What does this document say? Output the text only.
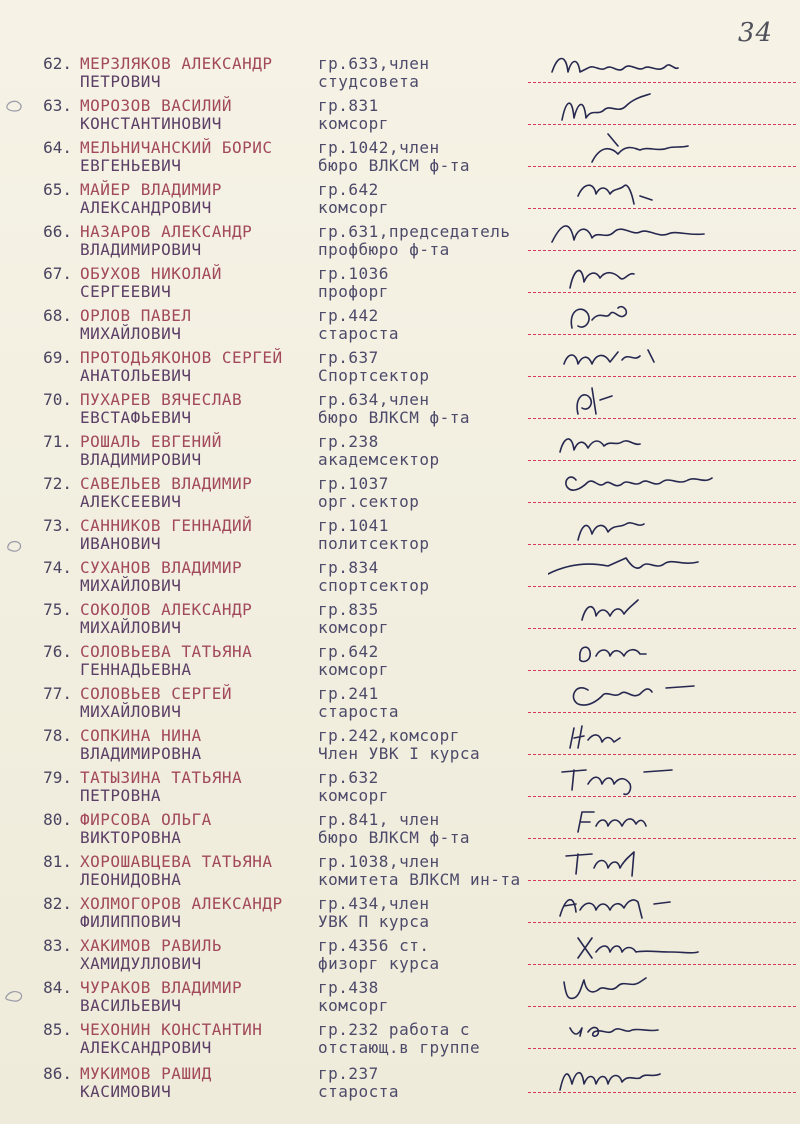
34
62. МЕРЗЛЯКОВ АЛЕКСАНДР
ПЕТРОВИЧ
гр.633,член
студсовета
63. МОРОЗОВ ВАСИЛИЙ
КОНСТАНТИНОВИЧ
гр.831
комсорг
64. МЕЛЬНИЧАНСКИЙ БОРИС
ЕВГЕНЬЕВИЧ
гр.1042,член
бюро ВЛКСМ ф-та
65. МАЙЕР ВЛАДИМИР
АЛЕКСАНДРОВИЧ
гр.642
комсорг
66. НАЗАРОВ АЛЕКСАНДР
ВЛАДИМИРОВИЧ
гр.631,председатель
профбюро ф-та
67. ОБУХОВ НИКОЛАЙ
СЕРГЕЕВИЧ
гр.1036
профорг
68. ОРЛОВ ПАВЕЛ
МИХАЙЛОВИЧ
гр.442
староста
69. ПРОТОДЬЯКОНОВ СЕРГЕЙ
АНАТОЛЬЕВИЧ
гр.637
Спортсектор
70. ПУХАРЕВ ВЯЧЕСЛАВ
ЕВСТАФЬЕВИЧ
гр.634,член
бюро ВЛКСМ ф-та
71. РОШАЛЬ ЕВГЕНИЙ
ВЛАДИМИРОВИЧ
гр.238
академсектор
72. САВЕЛЬЕВ ВЛАДИМИР
АЛЕКСЕЕВИЧ
гр.1037
орг.сектор
73. САННИКОВ ГЕННАДИЙ
ИВАНОВИЧ
гр.1041
политсектор
74. СУХАНОВ ВЛАДИМИР
МИХАЙЛОВИЧ
гр.834
спортсектор
75. СОКОЛОВ АЛЕКСАНДР
МИХАЙЛОВИЧ
гр.835
комсорг
76. СОЛОВЬЕВА ТАТЬЯНА
ГЕННАДЬЕВНА
гр.642
комсорг
77. СОЛОВЬЕВ СЕРГЕЙ
МИХАЙЛОВИЧ
гр.241
староста
78. СОПКИНА НИНА
ВЛАДИМИРОВНА
гр.242,комсорг
Член УВК I курса
79. ТАТЫЗИНА ТАТЬЯНА
ПЕТРОВНА
гр.632
комсорг
80. ФИРСОВА ОЛЬГА
ВИКТОРОВНА
гр.841, член
бюро ВЛКСМ ф-та
81. ХОРОШАВЦЕВА ТАТЬЯНА
ЛЕОНИДОВНА
гр.1038,член
комитета ВЛКСМ ин-та
82. ХОЛМОГОРОВ АЛЕКСАНДР
ФИЛИППОВИЧ
гр.434,член
УВК П курса
83. ХАКИМОВ РАВИЛЬ
ХАМИДУЛЛОВИЧ
гр.4356 ст.
физорг курса
84. ЧУРАКОВ ВЛАДИМИР
ВАСИЛЬЕВИЧ
гр.438
комсорг
85. ЧЕХОНИН КОНСТАНТИН
АЛЕКСАНДРОВИЧ
гр.232 работа с
отстающ.в группе
86. МУКИМОВ РАШИД
КАСИМОВИЧ
гр.237
староста
